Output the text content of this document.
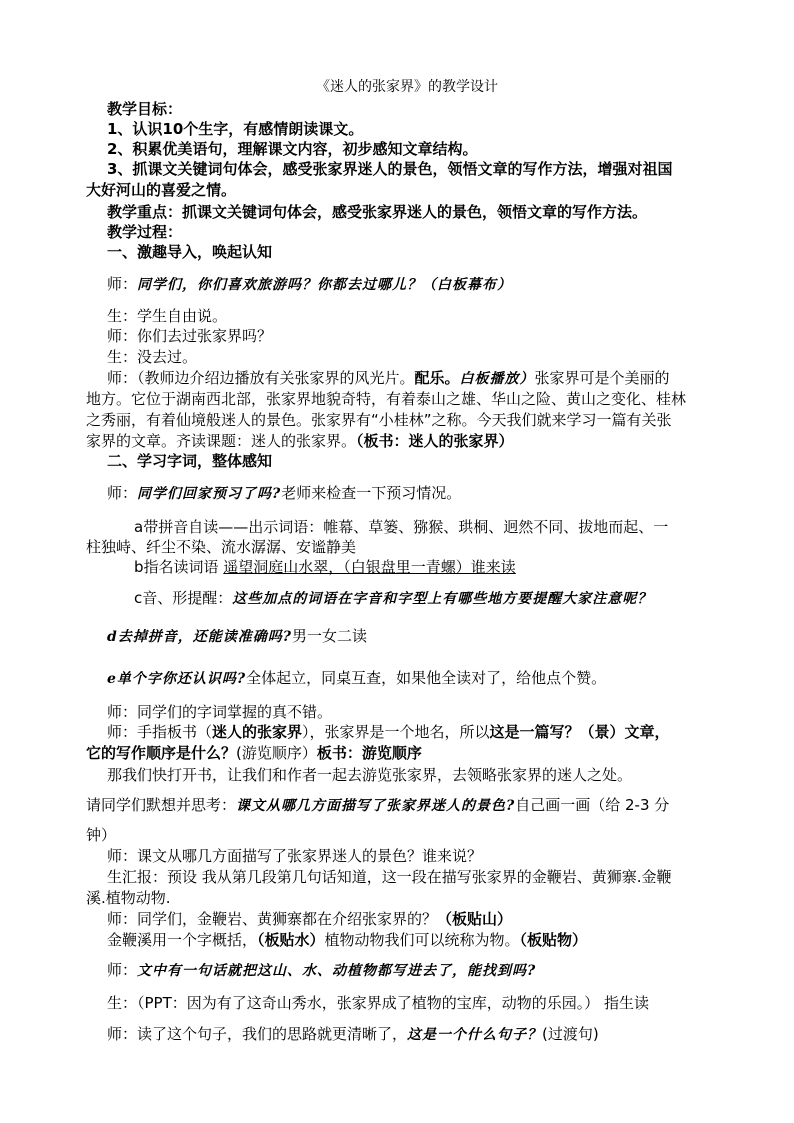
《迷人的张家界》的教学设计
教学目标：
1、认识10个生字，有感情朗读课文。
2、积累优美语句，理解课文内容，初步感知文章结构。
3、抓课文关键词句体会，感受张家界迷人的景色，领悟文章的写作方法，增强对祖国
大好河山的喜爱之情。
教学重点：抓课文关键词句体会，感受张家界迷人的景色，领悟文章的写作方法。
教学过程：
一、激趣导入，唤起认知
师：同学们，你们喜欢旅游吗？你都去过哪儿？（白板幕布）
生：学生自由说。
师：你们去过张家界吗？
生：没去过。
师：（教师边介绍边播放有关张家界的风光片。配乐。白板播放）张家界可是个美丽的
地方。它位于湖南西北部，张家界地貌奇特，有着泰山之雄、华山之险、黄山之变化、桂林
之秀丽，有着仙境般迷人的景色。张家界有“小桂林”之称。今天我们就来学习一篇有关张
家界的文章。齐读课题：迷人的张家界。（板书：迷人的张家界）
二、学习字词，整体感知
师：同学们回家预习了吗?老师来检查一下预习情况。
a带拼音自读——出示词语：帷幕、草篓、猕猴、珙桐、迥然不同、拔地而起、一
柱独峙、纤尘不染、流水潺潺、安谧静美
b指名读词语 遥望洞庭山水翠，（白银盘里一青螺）谁来读
c音、形提醒：这些加点的词语在字音和字型上有哪些地方要提醒大家注意呢？
d去掉拼音，还能读准确吗?男一女二读
e单个字你还认识吗?全体起立，同桌互查，如果他全读对了，给他点个赞。
师：同学们的字词掌握的真不错。
师：手指板书（迷人的张家界），张家界是一个地名，所以这是一篇写？（景）文章，
它的写作顺序是什么？(游览顺序）板书：游览顺序
那我们快打开书，让我们和作者一起去游览张家界，去领略张家界的迷人之处。
请同学们默想并思考：课文从哪几方面描写了张家界迷人的景色?自己画一画（给 2-3 分
钟）
师：课文从哪几方面描写了张家界迷人的景色？谁来说？
生汇报：预设 我从第几段第几句话知道，这一段在描写张家界的金鞭岩、黄狮寨.金鞭
溪.植物动物.
师：同学们，金鞭岩、黄狮寨都在介绍张家界的？（板贴山）
金鞭溪用一个字概括，（板贴水）植物动物我们可以统称为物。（板贴物）
师：文中有一句话就把这山、水、动植物都写进去了，能找到吗?
生：（PPT：因为有了这奇山秀水，张家界成了植物的宝库，动物的乐园。） 指生读
师：读了这个句子，我们的思路就更清晰了，这是一个什么句子？(过渡句)
